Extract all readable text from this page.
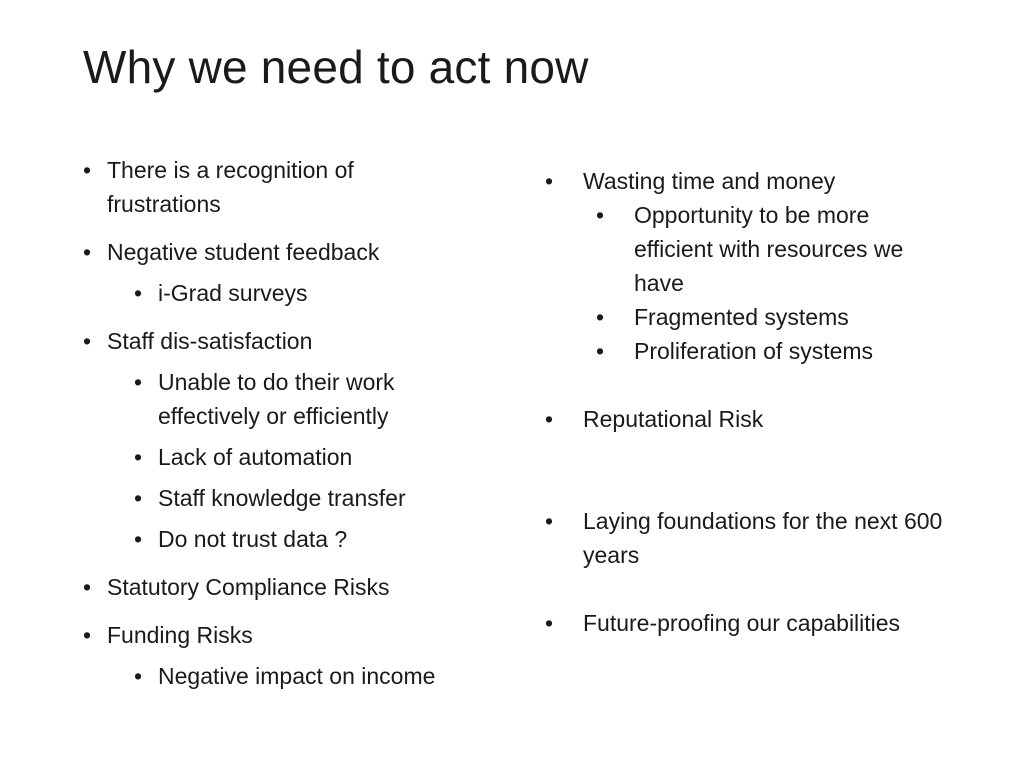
Why we need to act now
• There is a recognition of frustrations
• Negative student feedback
• i-Grad surveys
• Staff dis-satisfaction
• Unable to do their work effectively or efficiently
• Lack of automation
• Staff knowledge transfer
• Do not trust data ?
• Statutory Compliance Risks
• Funding Risks
• Negative impact on income
• Wasting time and money
• Opportunity to be more efficient with resources we have
• Fragmented systems
• Proliferation of systems
• Reputational Risk
• Laying foundations for the next 600 years
• Future-proofing our capabilities
